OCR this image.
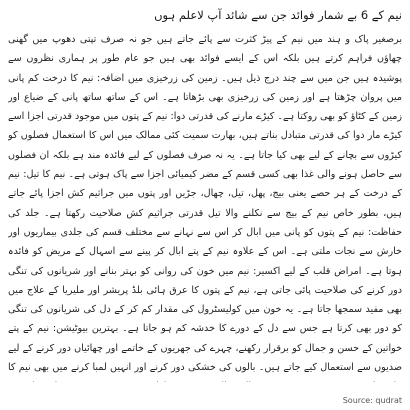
نیم کے 6 بے شمار فوائد جن سے شائد آپ لاعلم ہوں

برصغیر پاک و ہند میں نیم کے پیڑ کثرت سے پائے جاتے ہیں جو نہ صرف تپتی دھوپ میں گھنی چھاؤں فراہم کرتے ہیں بلکہ اس کے ایسے فوائد بھی ہیں جو عام طور پر ہماری نظروں سے پوشیدہ ہیں جن میں سے چند درج ذیل ہیں۔ زمین کی زرخیزی میں اضافہ: نیم کا درخت کم پانی میں پروان چڑھتا ہے اور زمین کی زرخیزی بھی بڑھاتا ہے۔ اس کے ساتھ ساتھ پانی کے ضیاع اور زمین کے کٹاؤ کو بھی روکتا ہے۔ کیڑے مارنے کی قدرتی دوا: نیم کے پتوں میں موجود قدرتی اجزا اسے کیڑے مار دوا کی قدرتی متبادل بناتے ہیں، بھارت سمیت کئی ممالک میں اس کا استعمال فصلوں کو کیڑوں سے بچانے کے لیے بھی کیا جاتا ہے۔ یہ نہ صرف فصلوں کے لیے فائدہ مند ہے بلکہ ان فصلوں سے حاصل ہونے والی غذا بھی کسی قسم کے مضر کیمیائی اجزا سے پاک ہوتی ہے۔ نیم کا تیل: نیم کے درخت کے ہر حصے یعنی بیج، پھل، تیل، چھال، جڑیں اور پتوں میں جراثیم کش اجزا پائے جاتے ہیں، بطور خاص نیم کے بیج سے نکلنے والا تیل قدرتی جراثیم کش صلاحیت رکھتا ہے۔ جلد کی حفاظت: نیم کے پتوں کو پانی میں ابال کر اس سے نہانے سے مختلف قسم کی جلدی بیماریوں اور خارش سے نجات ملتی ہے۔ اس کے علاوہ نیم کے پتے ابال کر پینے سے اسہال کے مریض کو فائدہ ہوتا ہے۔ امراض قلب کے لیے اکسیر: نیم میں خون کی روانی کو بہتر بنانے اور شریانوں کی تنگی دور کرنے کی صلاحیت پائی جاتی ہے، نیم کے پتوں کا عرق ہائی بلڈ پریشر اور ملیریا کے علاج میں بھی مفید سمجھا جاتا ہے۔ یہ خون میں کولیسٹرول کی مقدار کم کر کے دل کی شریانوں کی تنگی کو دور بھی کرتا ہے جس سے دل کے دورے کا خدشہ کم ہو جاتا ہے۔ بہترین بیوٹیشن: نیم کے پتے خواتین کے حسن و جمال کو برقرار رکھنے، چہرے کی جھریوں کے خاتمے اور چھائیاں دور کرنے کے لیے صدیوں سے استعمال کیے جاتے ہیں۔ بالوں کی خشکی دور کرنے اور انہیں لمبا کرنے میں بھی نیم کا

Source: qudrat
